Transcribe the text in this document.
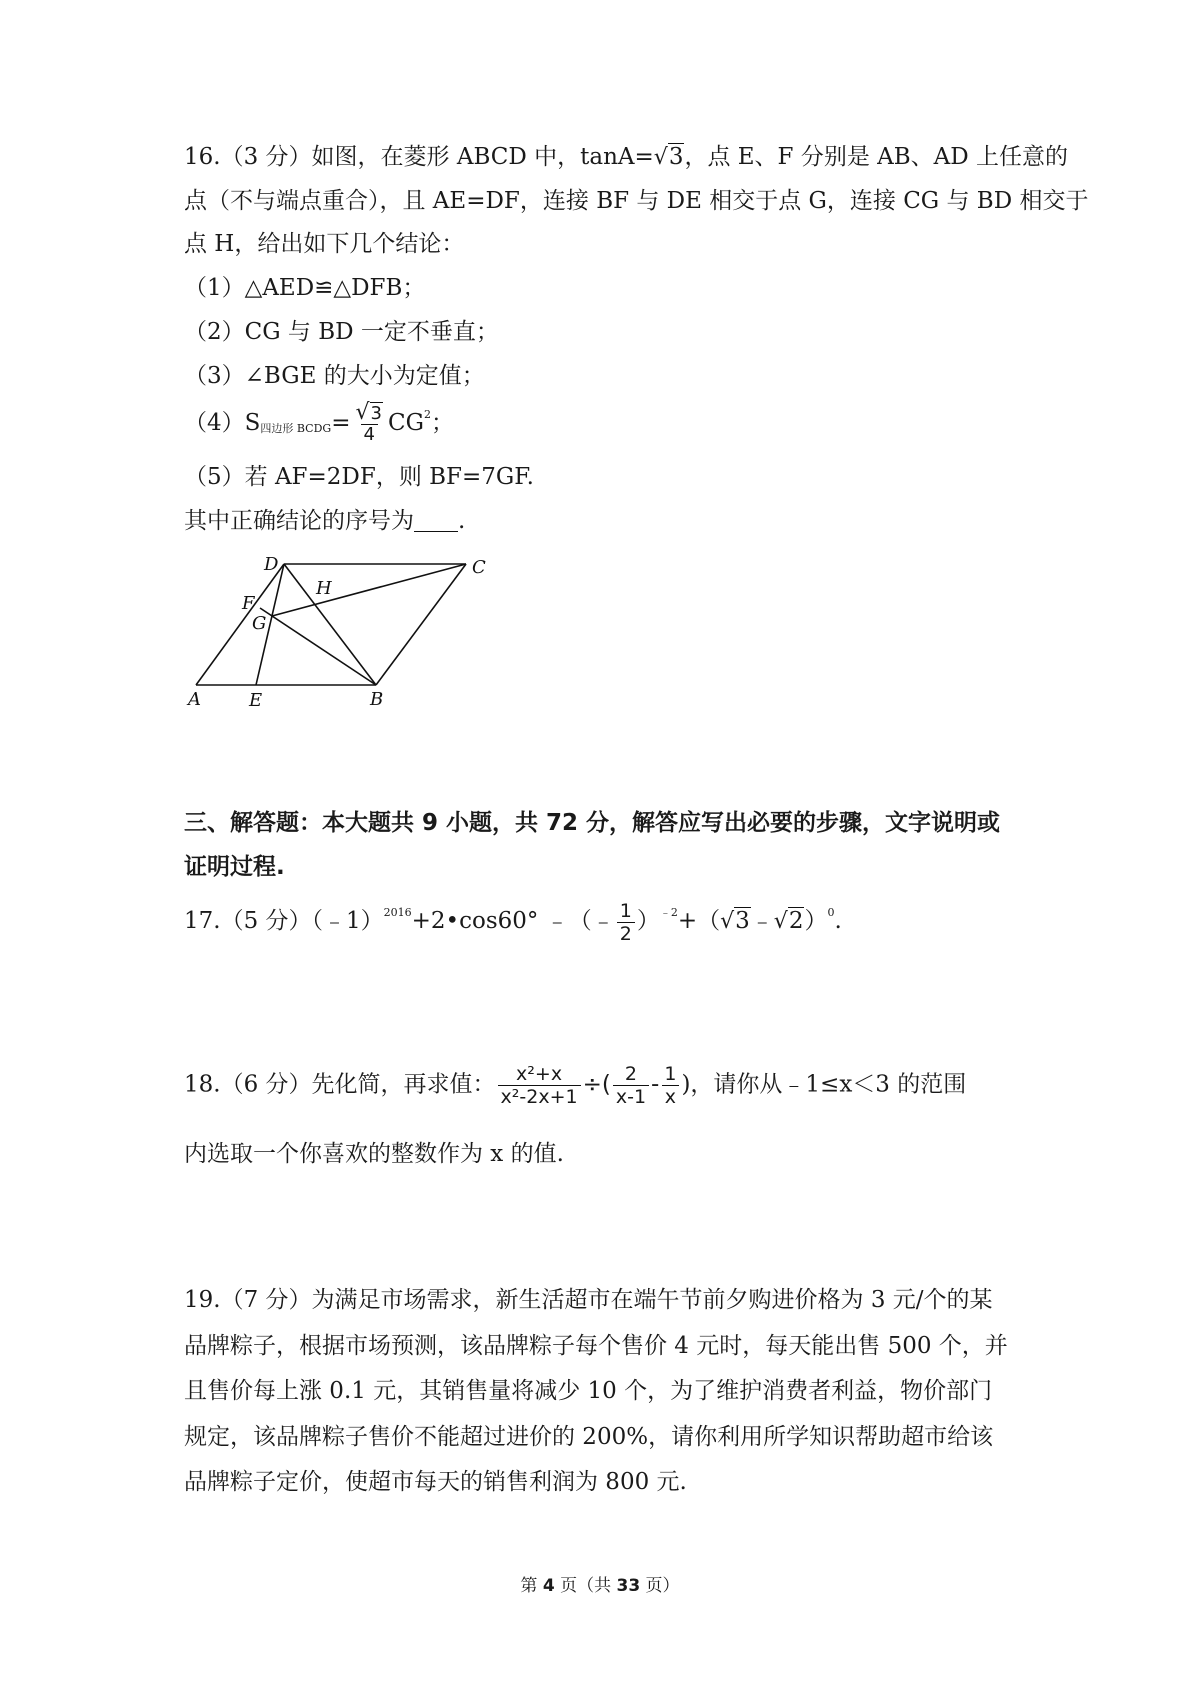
16.（3 分）如图，在菱形 ABCD 中，tanA=√3，点 E、F 分别是 AB、AD 上任意的
点（不与端点重合），且 AE=DF，连接 BF 与 DE 相交于点 G，连接 CG 与 BD 相交于
点 H，给出如下几个结论：
（1）△AED≌△DFB；
（2）CG 与 BD 一定不垂直；
（3）∠BGE 的大小为定值；
（4）S四边形 BCDG= $\frac{√3}{4} CG^2$；
（5）若 AF=2DF，则 BF=7GF.
其中正确结论的序号为 .
A	E	B
C
D
F
G
H
三、解答题：本大题共 9 小题，共 72 分，解答应写出必要的步骤，文字说明或
证明过程.
17.（5 分）（﹣1）$^{2016}$+2•cos60° ﹣（﹣ $\frac{1}{2}$ ）$^{﹣2}$+（√3﹣√2）$^0$.
18.（6 分）先化简，再求值： $\frac{\text{x²+x}}{\text{x²-2x+1}}$ ÷( $\frac{2}{x-1} - \frac{1}{x}$ )，请你从﹣1≤x＜3 的范围
内选取一个你喜欢的整数作为 x 的值.
19.（7 分）为满足市场需求，新生活超市在端午节前夕购进价格为 3 元/个的某
品牌粽子，根据市场预测，该品牌粽子每个售价 4 元时，每天能出售 500 个，并
且售价每上涨 0.1 元，其销售量将减少 10 个，为了维护消费者利益，物价部门
规定，该品牌粽子售价不能超过进价的 200%，请你利用所学知识帮助超市给该
品牌粽子定价，使超市每天的销售利润为 800 元.
第 4 页（共 33 页）
